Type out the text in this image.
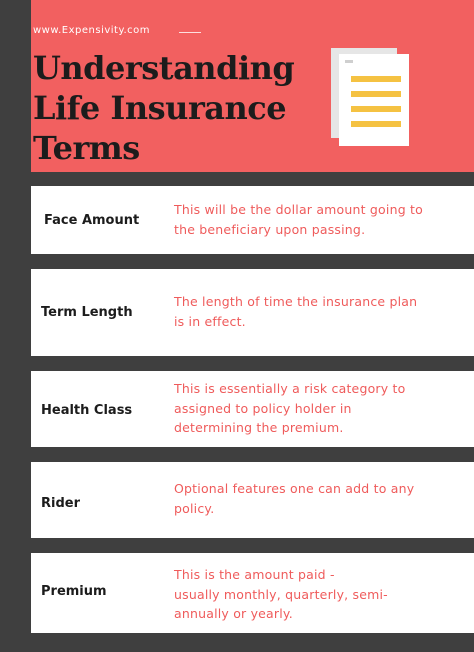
www.Expensivity.com
Understanding
Life Insurance
Terms
Face Amount
This will be the dollar amount going to
the beneficiary upon passing.
Term Length
The length of time the insurance plan
is in effect.
Health Class
This is essentially a risk category to
assigned to policy holder in
determining the premium.
Rider
Optional features one can add to any
policy.
Premium
This is the amount paid -
usually monthly, quarterly, semi-
annually or yearly.
